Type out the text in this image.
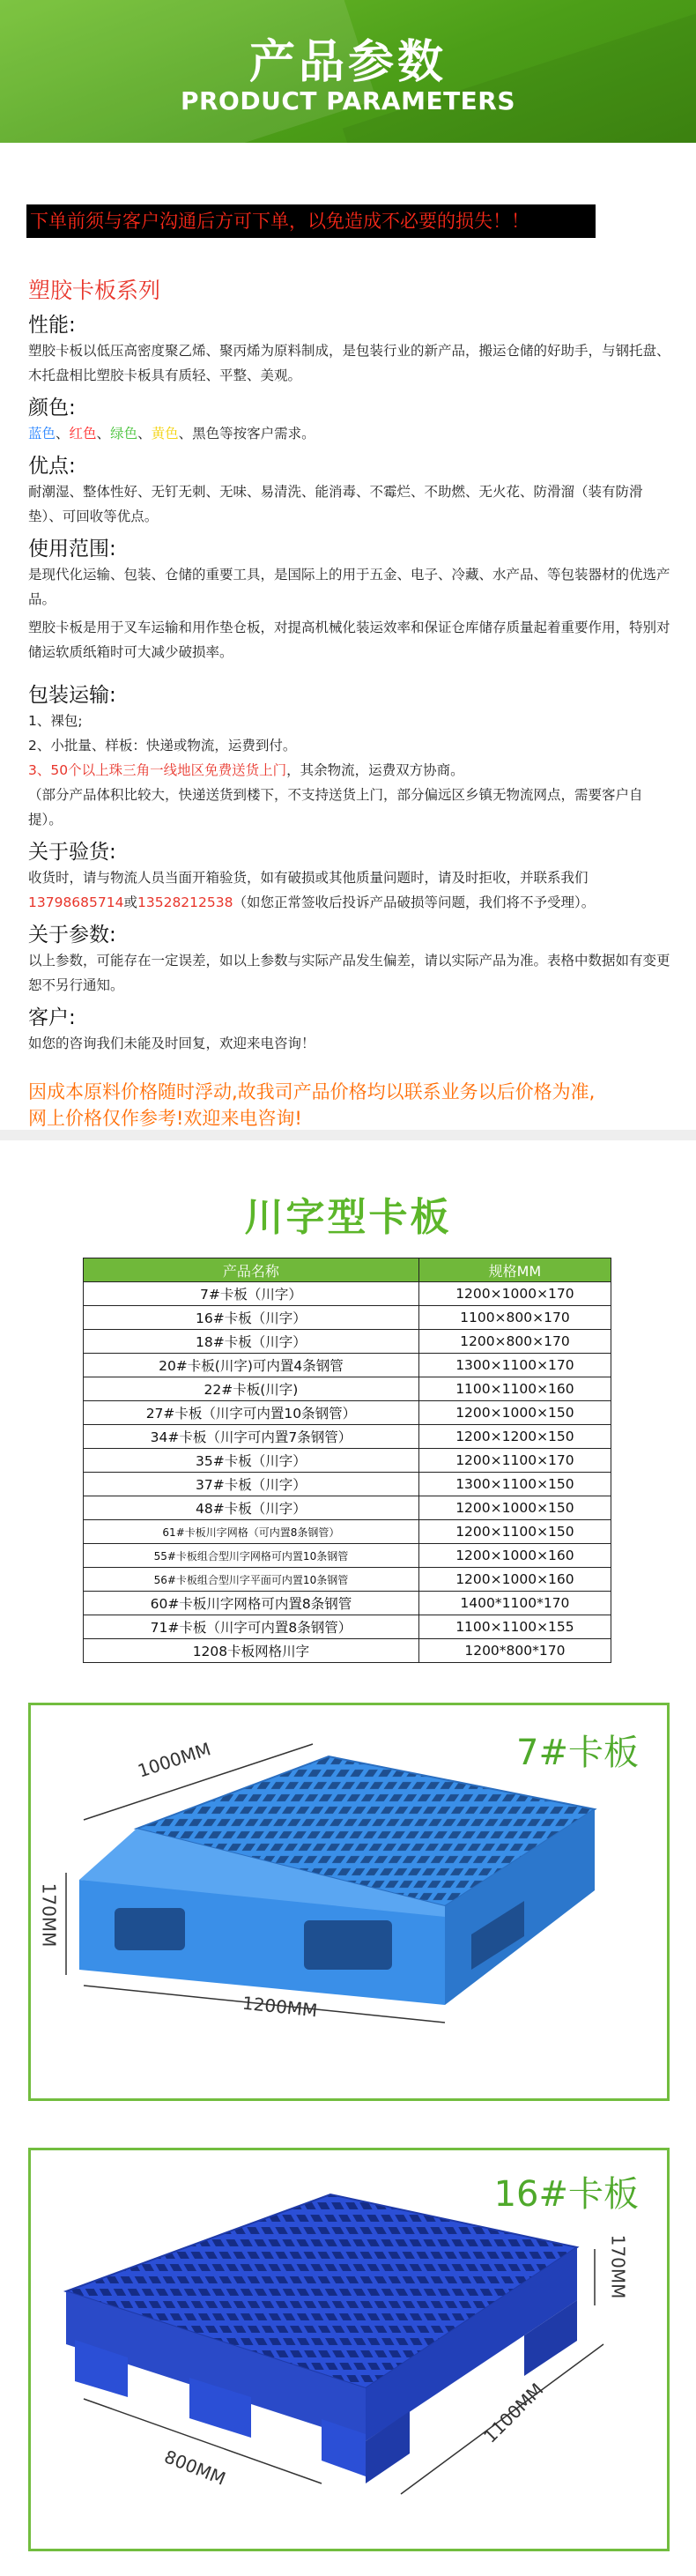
产品参数
PRODUCT PARAMETERS
下单前须与客户沟通后方可下单，以免造成不必要的损失！！
塑胶卡板系列
性能:
塑胶卡板以低压高密度聚乙烯、聚丙烯为原料制成，是包装行业的新产品，搬运仓储的好助手，与钢托盘、木托盘相比塑胶卡板具有质轻、平整、美观。
颜色:
蓝色、红色、绿色、黄色、黑色等按客户需求。
优点:
耐潮湿、整体性好、无钉无刺、无味、易清洗、能消毒、不霉烂、不助燃、无火花、防滑溜（装有防滑垫）、可回收等优点。
使用范围:
是现代化运输、包装、仓储的重要工具，是国际上的用于五金、电子、冷藏、水产品、等包装器材的优选产品。
塑胶卡板是用于叉车运输和用作垫仓板，对提高机械化装运效率和保证仓库储存质量起着重要作用，特别对储运软质纸箱时可大减少破损率。
包装运输:
1、裸包;
2、小批量、样板：快递或物流，运费到付。
3、50个以上珠三角一线地区免费送货上门，其余物流，运费双方协商。
（部分产品体积比较大，快递送货到楼下，不支持送货上门，部分偏远区乡镇无物流网点，需要客户自提）。
关于验货:
收货时，请与物流人员当面开箱验货，如有破损或其他质量问题时，请及时拒收，并联系我们13798685714或13528212538（如您正常签收后投诉产品破损等问题，我们将不予受理）。
关于参数:
以上参数，可能存在一定误差，如以上参数与实际产品发生偏差，请以实际产品为准。表格中数据如有变更恕不另行通知。
客户:
如您的咨询我们未能及时回复，欢迎来电咨询！
因成本原料价格随时浮动,故我司产品价格均以联系业务以后价格为准,
网上价格仅作参考!欢迎来电咨询!
川字型卡板
产品名称	规格MM
7#卡板（川字）	1200×1000×170
16#卡板（川字）	1100×800×170
18#卡板（川字）	1200×800×170
20#卡板(川字)可内置4条钢管	1300×1100×170
22#卡板(川字)	1100×1100×160
27#卡板（川字可内置10条钢管）	1200×1000×150
34#卡板（川字可内置7条钢管）	1200×1200×150
35#卡板（川字）	1200×1100×170
37#卡板（川字）	1300×1100×150
48#卡板（川字）	1200×1000×150
61#卡板川字网格（可内置8条钢管）	1200×1100×150
55#卡板组合型川字网格可内置10条钢管	1200×1000×160
56#卡板组合型川字平面可内置10条钢管	1200×1000×160
60#卡板川字网格可内置8条钢管	1400*1100*170
71#卡板（川字可内置8条钢管）	1100×1100×155
1208卡板网格川字	1200*800*170
7#卡板
1000MM
170MM
1200MM
16#卡板
170MM
1100MM
800MM
